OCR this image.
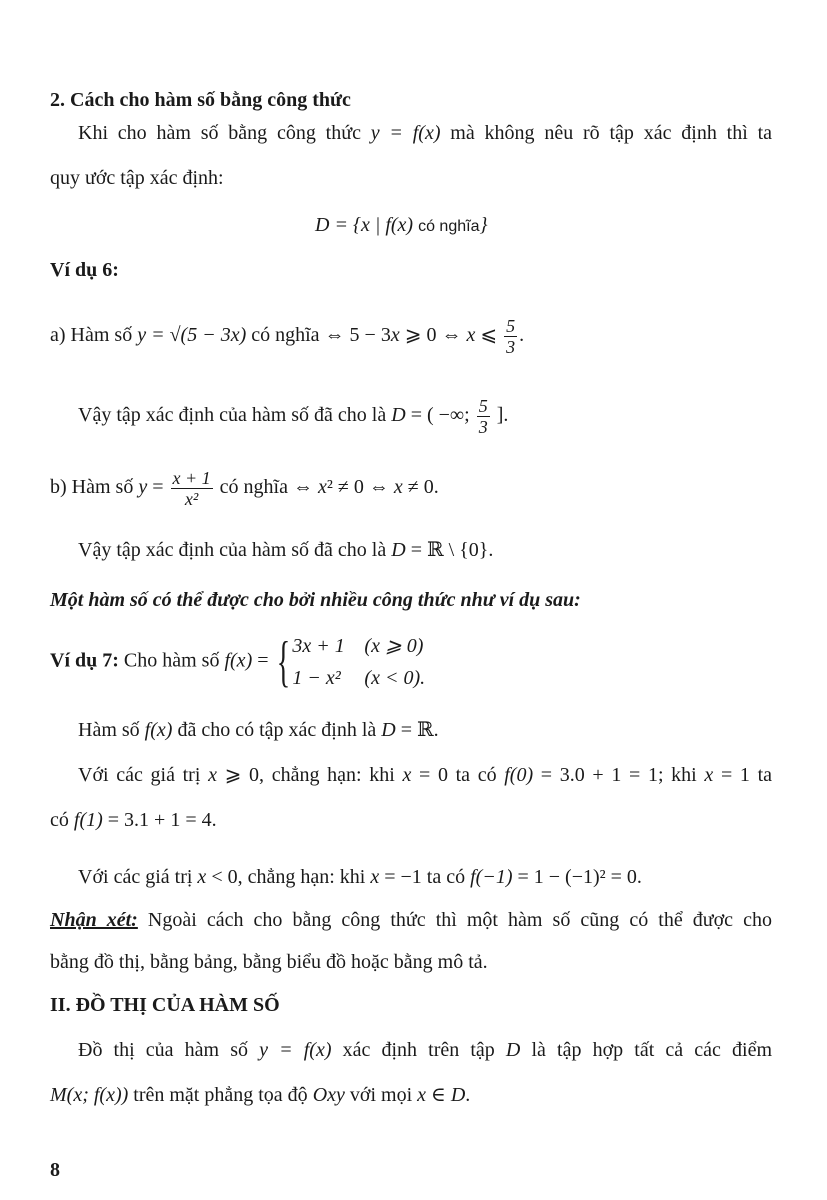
2. Cách cho hàm số bằng công thức
Khi cho hàm số bằng công thức y = f(x) mà không nêu rõ tập xác định thì ta
quy ước tập xác định:
D = {x | f(x) có nghĩa}
Ví dụ 6:
a) Hàm số y = √(5 − 3x) có nghĩa ⇔ 5 − 3x ⩾ 0 ⇔ x ⩽ $\frac{5}{3}$ .
Vậy tập xác định của hàm số đã cho là D = ( −∞; $\frac{5}{3}$ ].
b) Hàm số $y = \frac{x + 1}{\text{x²}}$ có nghĩa ⇔ x² ≠ 0 ⇔ x ≠ 0.
Vậy tập xác định của hàm số đã cho là D = ℝ \ {0}.
Một hàm số có thể được cho bởi nhiều công thức như ví dụ sau:
Ví dụ 7: Cho hàm số f(x) = { 3x + 1 (x ⩾ 0)
1 − x² (x < 0).
Hàm số f(x) đã cho có tập xác định là D = ℝ.
Với các giá trị x ⩾ 0, chẳng hạn: khi x = 0 ta có f(0) = 3.0 + 1 = 1; khi x = 1 ta
có f(1) = 3.1 + 1 = 4.
Với các giá trị x < 0, chẳng hạn: khi x = −1 ta có f(−1) = 1 − (−1)² = 0.
Nhận xét: Ngoài cách cho bằng công thức thì một hàm số cũng có thể được cho
bằng đồ thị, bằng bảng, bằng biểu đồ hoặc bằng mô tả.
II. ĐỒ THỊ CỦA HÀM SỐ
Đồ thị của hàm số y = f(x) xác định trên tập D là tập hợp tất cả các điểm
M(x; f(x)) trên mặt phẳng tọa độ Oxy với mọi x ∈ D.
8
